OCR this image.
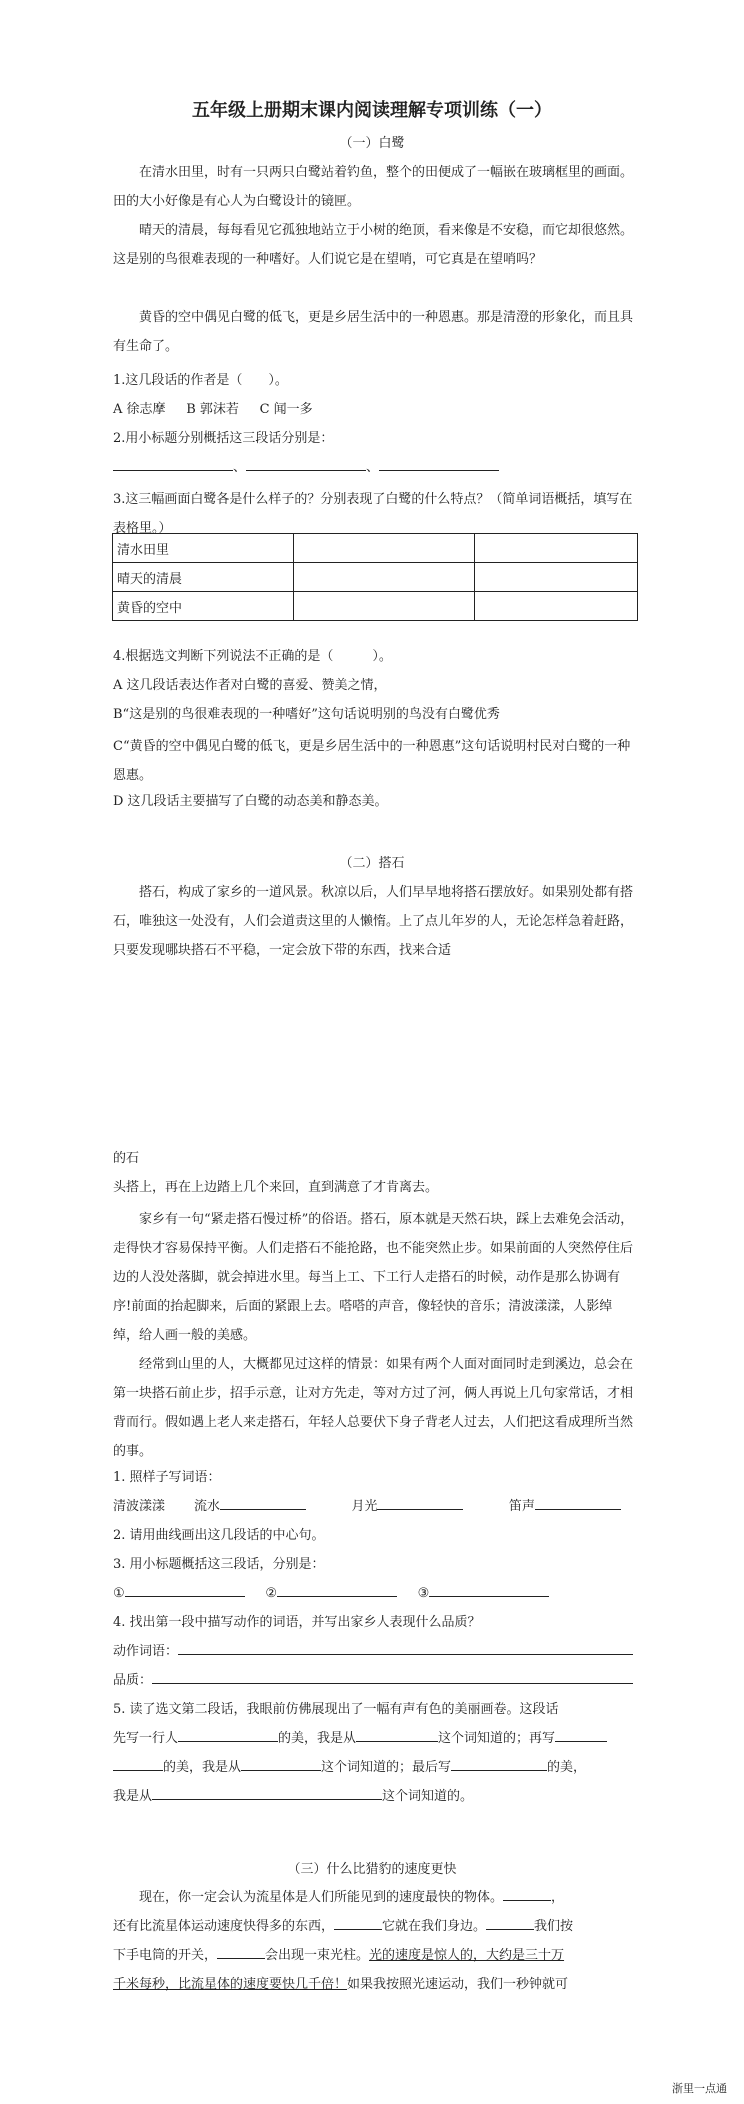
五年级上册期末课内阅读理解专项训练（一）
（一）白鹭
在清水田里，时有一只两只白鹭站着钓鱼，整个的田便成了一幅嵌在玻璃框里的画面。田的大小好像是有心人为白鹭设计的镜匣。
晴天的清晨，每每看见它孤独地站立于小树的绝顶，看来像是不安稳，而它却很悠然。这是别的鸟很难表现的一种嗜好。人们说它是在望哨，可它真是在望哨吗？
黄昏的空中偶见白鹭的低飞，更是乡居生活中的一种恩惠。那是清澄的形象化，而且具有生命了。
1.这几段话的作者是（　　）。
A 徐志摩 B 郭沫若 C 闻一多
2.用小标题分别概括这三段话分别是：
、	、
3.这三幅画面白鹭各是什么样子的？分别表现了白鹭的什么特点？（简单词语概括，填写在表格里。）
清水田里		
晴天的清晨		
黄昏的空中		
4.根据选文判断下列说法不正确的是（　　　）。
A 这几段话表达作者对白鹭的喜爱、赞美之情，
B“这是别的鸟很难表现的一种嗜好”这句话说明别的鸟没有白鹭优秀
C“黄昏的空中偶见白鹭的低飞，更是乡居生活中的一种恩惠”这句话说明村民对白鹭的一种恩惠。
D 这几段话主要描写了白鹭的动态美和静态美。
（二）搭石
搭石，构成了家乡的一道风景。秋凉以后，人们早早地将搭石摆放好。如果别处都有搭石，唯独这一处没有，人们会道责这里的人懒惰。上了点儿年岁的人，无论怎样急着赶路，只要发现哪块搭石不平稳，一定会放下带的东西，找来合适
的石
头搭上，再在上边踏上几个来回，直到满意了才肯离去。
家乡有一句“紧走搭石慢过桥”的俗语。搭石，原本就是天然石块，踩上去难免会活动，走得快才容易保持平衡。人们走搭石不能抢路，也不能突然止步。如果前面的人突然停住后边的人没处落脚，就会掉进水里。每当上工、下工行人走搭石的时候，动作是那么协调有序!前面的抬起脚来，后面的紧跟上去。嗒嗒的声音，像轻快的音乐；清波漾漾，人影绰绰，给人画一般的美感。
经常到山里的人，大概都见过这样的情景：如果有两个人面对面同时走到溪边，总会在第一块搭石前止步，招手示意，让对方先走，等对方过了河，俩人再说上几句家常话，才相背而行。假如遇上老人来走搭石，年轻人总要伏下身子背老人过去，人们把这看成理所当然的事。
1. 照样子写词语：
清波漾漾 流水	月光	笛声
2. 请用曲线画出这几段话的中心句。
3. 用小标题概括这三段话，分别是：
①	②	③
4. 找出第一段中描写动作的词语，并写出家乡人表现什么品质？
动作词语：
品质：
5. 读了选文第二段话，我眼前仿佛展现出了一幅有声有色的美丽画卷。这段话
先写一行人	的美，我是从	这个词知道的；再写
的美，我是从	这个词知道的；最后写	的美，
我是从	这个词知道的。
（三）什么比猎豹的速度更快
现在，你一定会认为流星体是人们所能见到的速度最快的物体。	，
还有比流星体运动速度快得多的东西，	它就在我们身边。	我们按
下手电筒的开关，	会出现一束光柱。光的速度是惊人的，大约是三十万
千米每秒，比流星体的速度要快几千倍！如果我按照光速运动，我们一秒钟就可
浙里一点通
